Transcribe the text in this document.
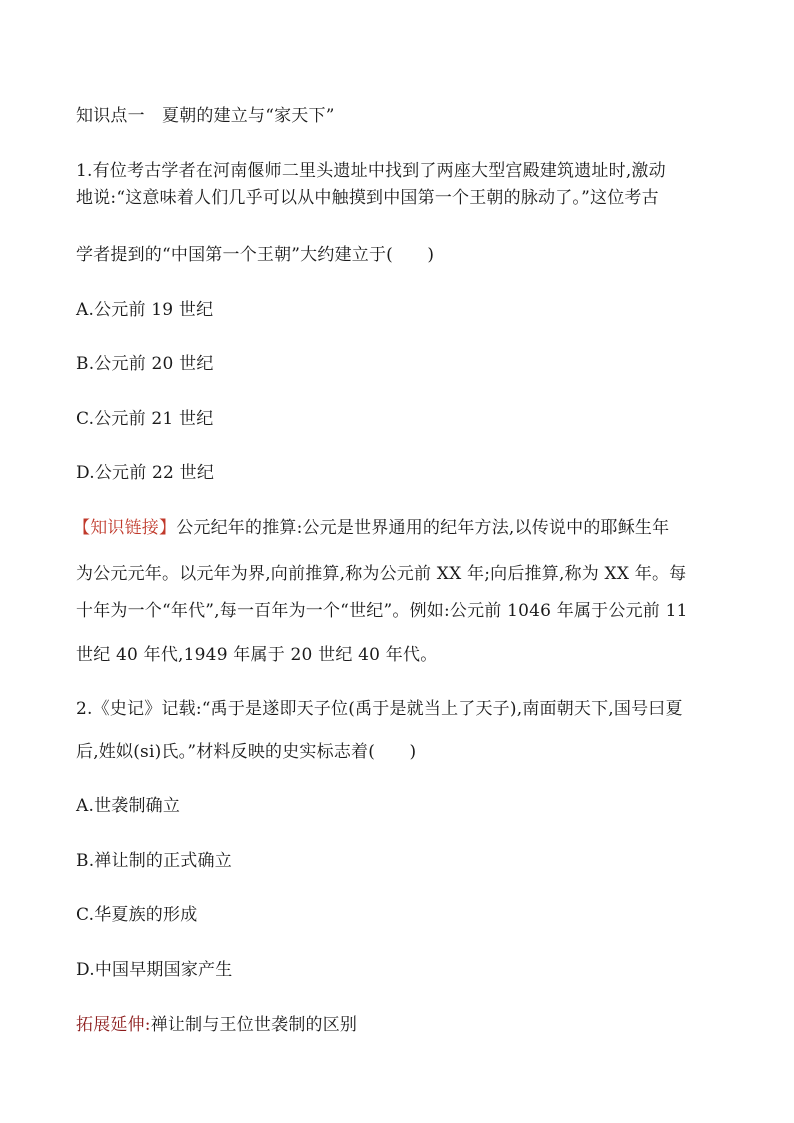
知识点一　夏朝的建立与“家天下”
1.有位考古学者在河南偃师二里头遗址中找到了两座大型宫殿建筑遗址时,激动
地说:“这意味着人们几乎可以从中触摸到中国第一个王朝的脉动了。”这位考古
学者提到的“中国第一个王朝”大约建立于(　　)
A.公元前 19 世纪
B.公元前 20 世纪
C.公元前 21 世纪
D.公元前 22 世纪
【知识链接】公元纪年的推算:公元是世界通用的纪年方法,以传说中的耶稣生年
为公元元年。以元年为界,向前推算,称为公元前 XX 年;向后推算,称为 XX 年。每
十年为一个“年代”,每一百年为一个“世纪”。例如:公元前 1046 年属于公元前 11
世纪 40 年代,1949 年属于 20 世纪 40 年代。
2.《史记》记载:“禹于是遂即天子位(禹于是就当上了天子),南面朝天下,国号曰夏
后,姓姒(si)氏。”材料反映的史实标志着(　　)
A.世袭制确立
B.禅让制的正式确立
C.华夏族的形成
D.中国早期国家产生
拓展延伸:禅让制与王位世袭制的区别
